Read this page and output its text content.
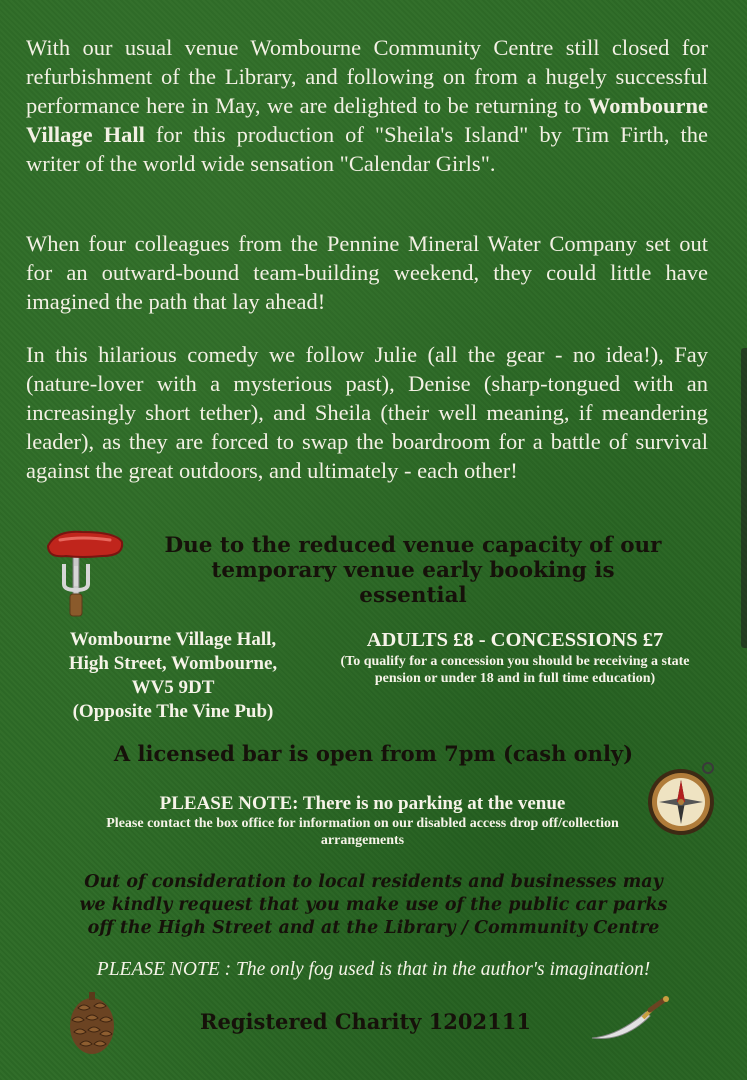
With our usual venue Wombourne Community Centre still closed for refurbishment of the Library, and following on from a hugely successful performance here in May, we are delighted to be returning to Wombourne Village Hall for this production of "Sheila's Island" by Tim Firth, the writer of the world wide sensation "Calendar Girls".

When four colleagues from the Pennine Mineral Water Company set out for an outward-bound team-building weekend, they could little have imagined the path that lay ahead!

In this hilarious comedy we follow Julie (all the gear - no idea!), Fay (nature-lover with a mysterious past), Denise (sharp-tongued with an increasingly short tether), and Sheila (their well meaning, if meandering leader), as they are forced to swap the boardroom for a battle of survival against the great outdoors, and ultimately - each other!

Due to the reduced venue capacity of our
temporary venue early booking is
essential
Wombourne Village Hall,
High Street, Wombourne,
WV5 9DT
(Opposite The Vine Pub)
ADULTS £8 - CONCESSIONS £7
(To qualify for a concession you should be receiving a state pension or under 18 and in full time education)
A licensed bar is open from 7pm (cash only)
PLEASE NOTE: There is no parking at the venue
Please contact the box office for information on our disabled access drop off/collection arrangements
Out of consideration to local residents and businesses may
we kindly request that you make use of the public car parks
off the High Street and at the Library / Community Centre
PLEASE NOTE : The only fog used is that in the author's imagination!
Registered Charity 1202111
